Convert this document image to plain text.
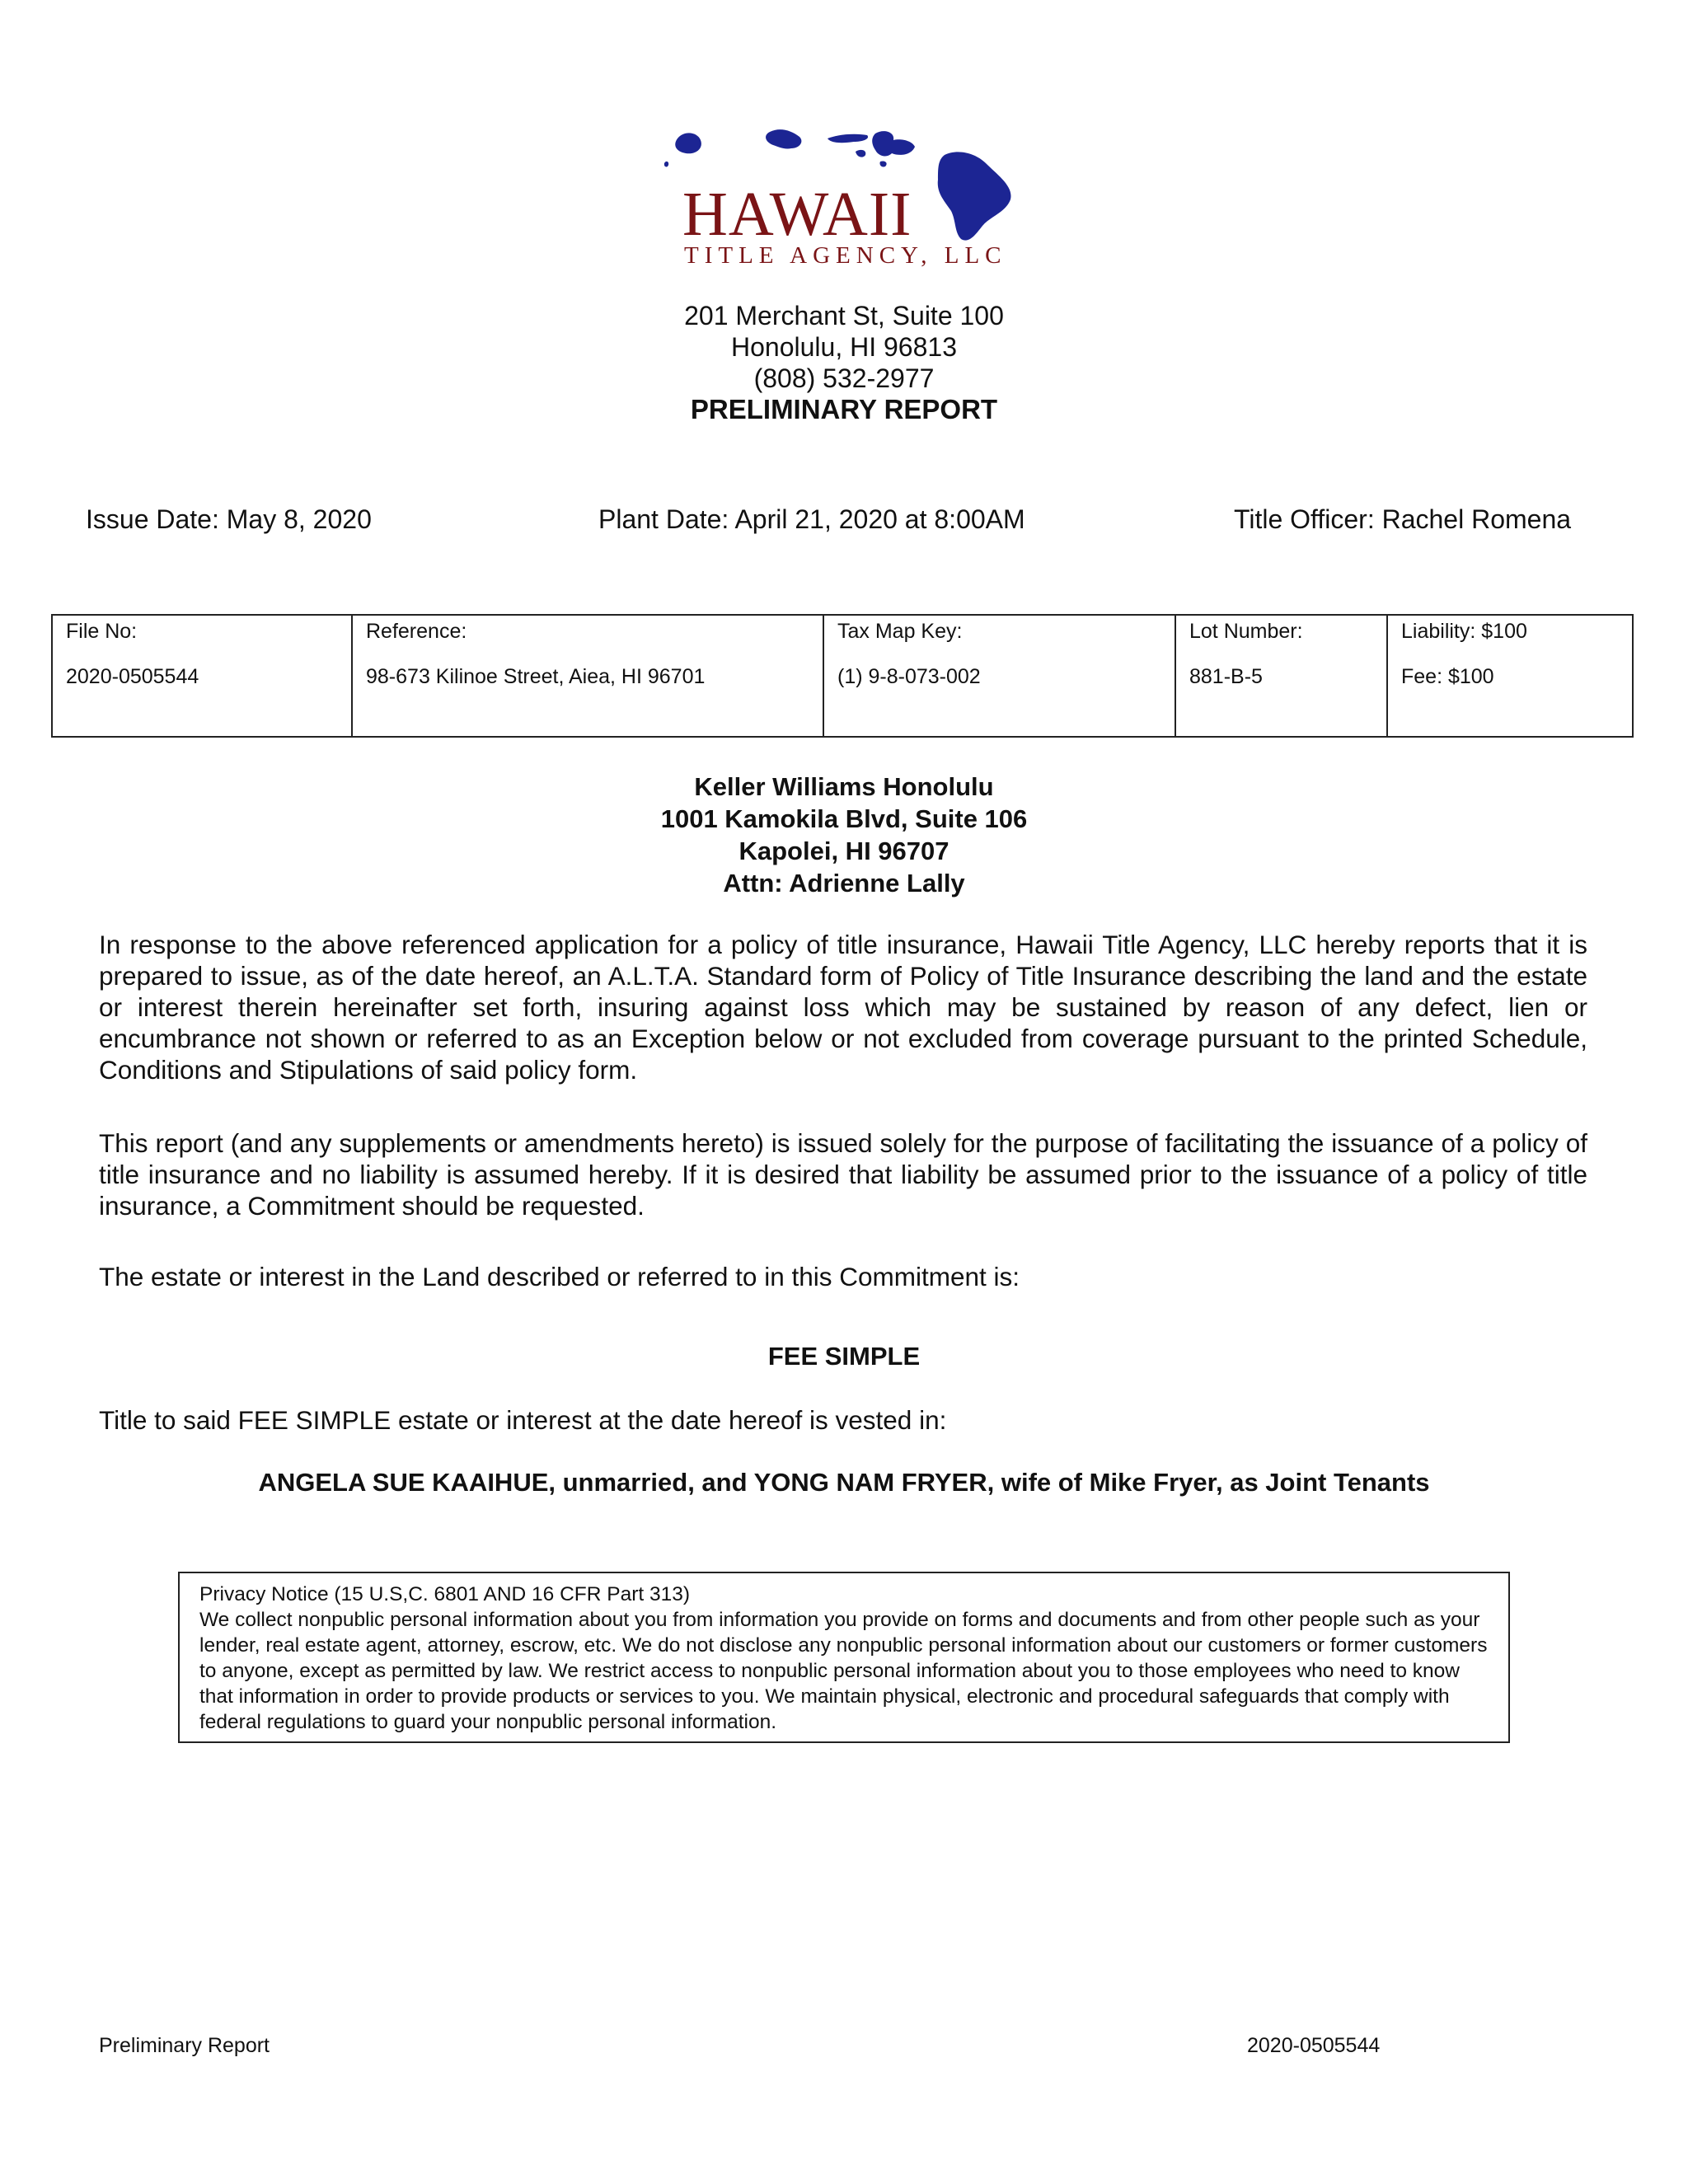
HAWAII
TITLE AGENCY, LLC
201 Merchant St, Suite 100
Honolulu, HI 96813
(808) 532-2977
PRELIMINARY REPORT
Issue Date: May 8, 2020	Plant Date: April 21, 2020 at 8:00AM	Title Officer: Rachel Romena
File No:
2020-0505544
Reference:
98-673 Kilinoe Street, Aiea, HI 96701
Tax Map Key:
(1) 9-8-073-002
Lot Number:
881-B-5
Liability: $100
Fee: $100
Keller Williams Honolulu
1001 Kamokila Blvd, Suite 106
Kapolei, HI 96707
Attn: Adrienne Lally
In response to the above referenced application for a policy of title insurance, Hawaii Title Agency, LLC hereby reports that it is prepared to issue, as of the date hereof, an A.L.T.A. Standard form of Policy of Title Insurance describing the land and the estate or interest therein hereinafter set forth, insuring against loss which may be sustained by reason of any defect, lien or encumbrance not shown or referred to as an Exception below or not excluded from coverage pursuant to the printed Schedule, Conditions and Stipulations of said policy form.
This report (and any supplements or amendments hereto) is issued solely for the purpose of facilitating the issuance of a policy of title insurance and no liability is assumed hereby. If it is desired that liability be assumed prior to the issuance of a policy of title insurance, a Commitment should be requested.
The estate or interest in the Land described or referred to in this Commitment is:
FEE SIMPLE
Title to said FEE SIMPLE estate or interest at the date hereof is vested in:
ANGELA SUE KAAIHUE, unmarried, and YONG NAM FRYER, wife of Mike Fryer, as Joint Tenants
Privacy Notice (15 U.S,C. 6801 AND 16 CFR Part 313)
We collect nonpublic personal information about you from information you provide on forms and documents and from other people such as your lender, real estate agent, attorney, escrow, etc. We do not disclose any nonpublic personal information about our customers or former customers to anyone, except as permitted by law. We restrict access to nonpublic personal information about you to those employees who need to know that information in order to provide products or services to you. We maintain physical, electronic and procedural safeguards that comply with federal regulations to guard your nonpublic personal information.
Preliminary Report	2020-0505544
